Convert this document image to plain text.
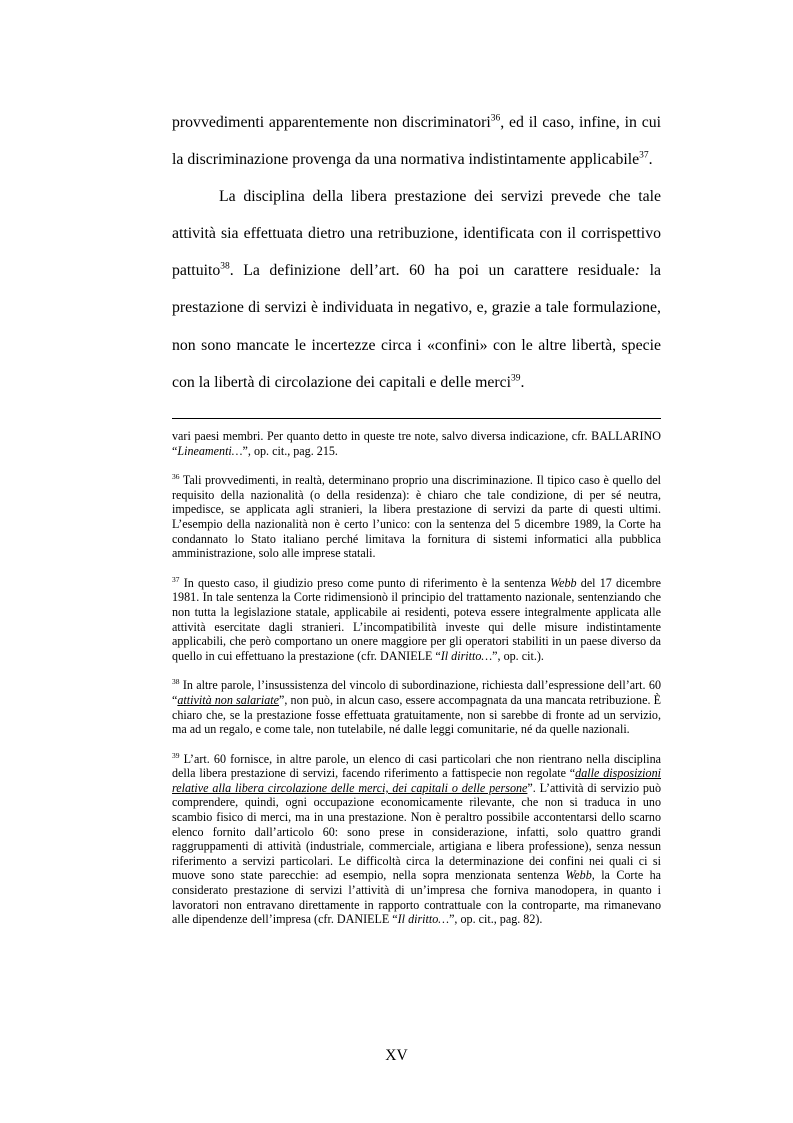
provvedimenti apparentemente non discriminatori$^{36}$, ed il caso, infine, in cui la discriminazione provenga da una normativa indistintamente applicabile$^{37}$.

La disciplina della libera prestazione dei servizi prevede che tale attività sia effettuata dietro una retribuzione, identificata con il corrispettivo pattuito$^{38}$. La definizione dell’art. 60 ha poi un carattere residuale: la prestazione di servizi è individuata in negativo, e, grazie a tale formulazione, non sono mancate le incertezze circa i «confini» con le altre libertà, specie con la libertà di circolazione dei capitali e delle merci$^{39}$.

vari paesi membri. Per quanto detto in queste tre note, salvo diversa indicazione, cfr. BALLARINO “Lineamenti…”, op. cit., pag. 215.

$^{36}$ Tali provvedimenti, in realtà, determinano proprio una discriminazione. Il tipico caso è quello del requisito della nazionalità (o della residenza): è chiaro che tale condizione, di per sé neutra, impedisce, se applicata agli stranieri, la libera prestazione di servizi da parte di questi ultimi. L’esempio della nazionalità non è certo l’unico: con la sentenza del 5 dicembre 1989, la Corte ha condannato lo Stato italiano perché limitava la fornitura di sistemi informatici alla pubblica amministrazione, solo alle imprese statali.

$^{37}$ In questo caso, il giudizio preso come punto di riferimento è la sentenza Webb del 17 dicembre 1981. In tale sentenza la Corte ridimensionò il principio del trattamento nazionale, sentenziando che non tutta la legislazione statale, applicabile ai residenti, poteva essere integralmente applicata alle attività esercitate dagli stranieri. L’incompatibilità investe qui delle misure indistintamente applicabili, che però comportano un onere maggiore per gli operatori stabiliti in un paese diverso da quello in cui effettuano la prestazione (cfr. DANIELE “Il diritto…”, op. cit.).

$^{38}$ In altre parole, l’insussistenza del vincolo di subordinazione, richiesta dall’espressione dell’art. 60 “attività non salariate”, non può, in alcun caso, essere accompagnata da una mancata retribuzione. È chiaro che, se la prestazione fosse effettuata gratuitamente, non si sarebbe di fronte ad un servizio, ma ad un regalo, e come tale, non tutelabile, né dalle leggi comunitarie, né da quelle nazionali.

$^{39}$ L’art. 60 fornisce, in altre parole, un elenco di casi particolari che non rientrano nella disciplina della libera prestazione di servizi, facendo riferimento a fattispecie non regolate “dalle disposizioni relative alla libera circolazione delle merci, dei capitali o delle persone”. L’attività di servizio può comprendere, quindi, ogni occupazione economicamente rilevante, che non si traduca in uno scambio fisico di merci, ma in una prestazione. Non è peraltro possibile accontentarsi dello scarno elenco fornito dall’articolo 60: sono prese in considerazione, infatti, solo quattro grandi raggruppamenti di attività (industriale, commerciale, artigiana e libera professione), senza nessun riferimento a servizi particolari. Le difficoltà circa la determinazione dei confini nei quali ci si muove sono state parecchie: ad esempio, nella sopra menzionata sentenza Webb, la Corte ha considerato prestazione di servizi l’attività di un’impresa che forniva manodopera, in quanto i lavoratori non entravano direttamente in rapporto contrattuale con la controparte, ma rimanevano alle dipendenze dell’impresa (cfr. DANIELE “Il diritto…”, op. cit., pag. 82).

XV
